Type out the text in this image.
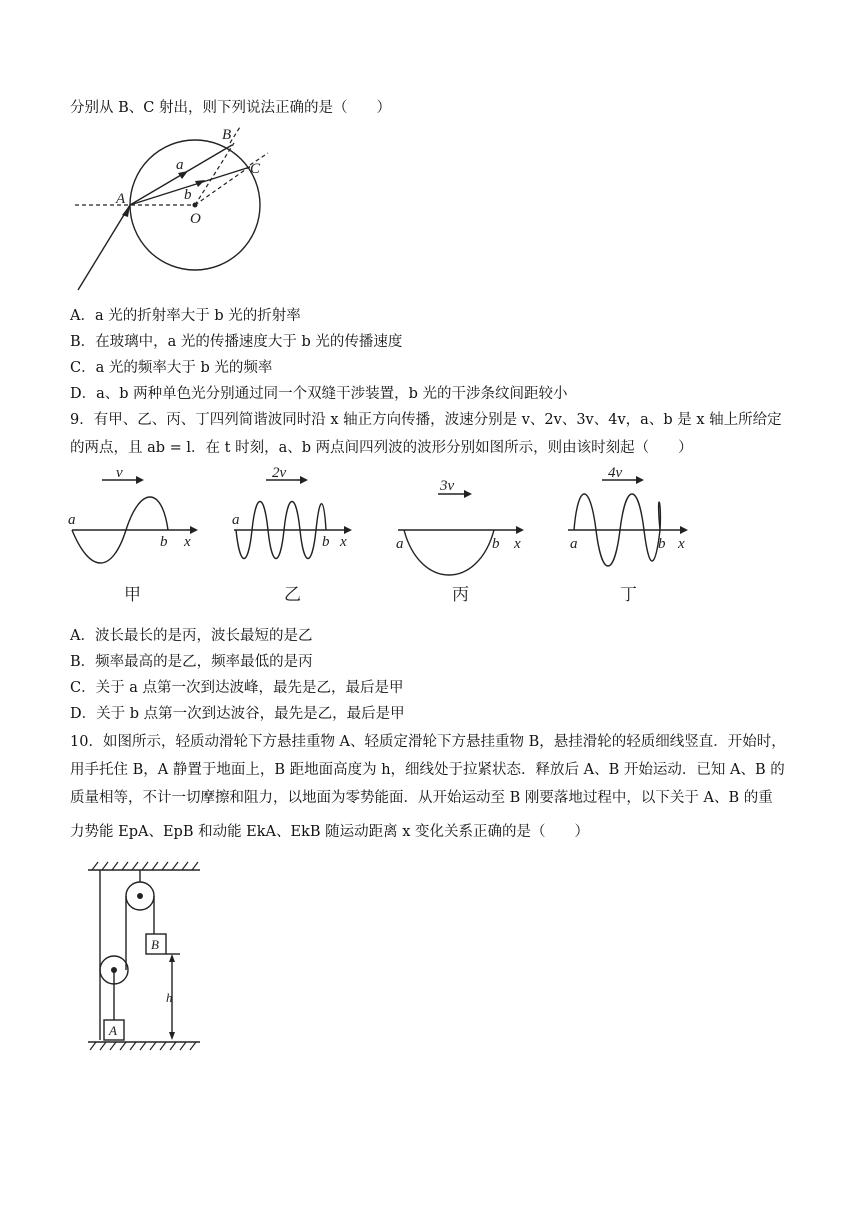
分别从 B、C 射出，则下列说法正确的是（　　）
A
B
C
O
a
b
A．a 光的折射率大于 b 光的折射率
B．在玻璃中，a 光的传播速度大于 b 光的传播速度
C．a 光的频率大于 b 光的频率
D．a、b 两种单色光分别通过同一个双缝干涉装置，b 光的干涉条纹间距较小
9．有甲、乙、丙、丁四列简谐波同时沿 x 轴正方向传播，波速分别是 v、2v、3v、4v，a、b 是 x 轴上所给定
的两点，且 ab = l．在 t 时刻，a、b 两点间四列波的波形分别如图所示，则由该时刻起（　　）
v
a
b x
甲
2v
a
b x
乙
3v
a	b x
丙
4v
a	b x
丁
A．波长最长的是丙，波长最短的是乙
B．频率最高的是乙，频率最低的是丙
C．关于 a 点第一次到达波峰，最先是乙，最后是甲
D．关于 b 点第一次到达波谷，最先是乙，最后是甲
10．如图所示，轻质动滑轮下方悬挂重物 A、轻质定滑轮下方悬挂重物 B，悬挂滑轮的轻质细线竖直．开始时，
用手托住 B，A 静置于地面上，B 距地面高度为 h，细线处于拉紧状态．释放后 A、B 开始运动．已知 A、B 的
质量相等，不计一切摩擦和阻力，以地面为零势能面．从开始运动至 B 刚要落地过程中，以下关于 A、B 的重
力势能 EpA、EpB 和动能 EkA、EkB 随运动距离 x 变化关系正确的是（　　）
B
A
h
